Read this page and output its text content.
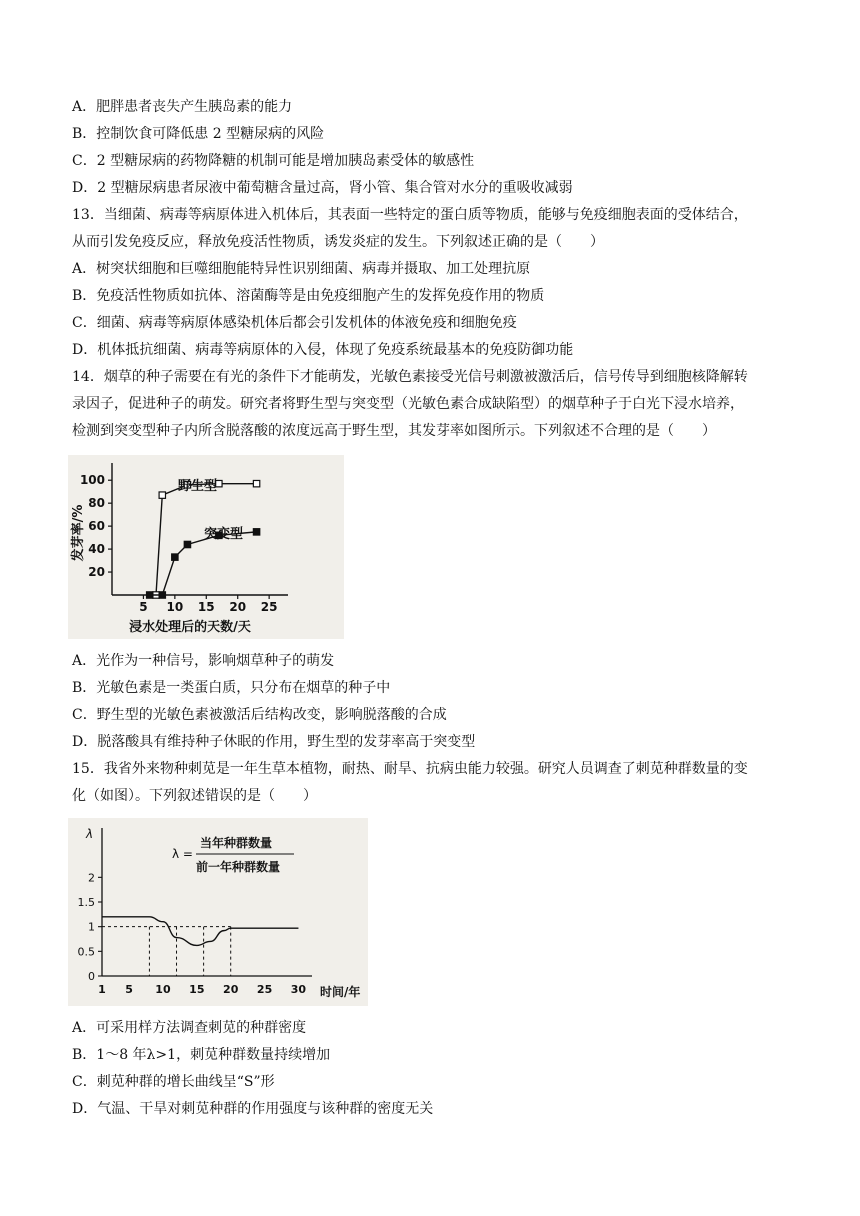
A．肥胖患者丧失产生胰岛素的能力
B．控制饮食可降低患 2 型糖尿病的风险
C．2 型糖尿病的药物降糖的机制可能是增加胰岛素受体的敏感性
D．2 型糖尿病患者尿液中葡萄糖含量过高，肾小管、集合管对水分的重吸收减弱
13．当细菌、病毒等病原体进入机体后，其表面一些特定的蛋白质等物质，能够与免疫细胞表面的受体结合，
从而引发免疫反应，释放免疫活性物质，诱发炎症的发生。下列叙述正确的是（　　）
A．树突状细胞和巨噬细胞能特异性识别细菌、病毒并摄取、加工处理抗原
B．免疫活性物质如抗体、溶菌酶等是由免疫细胞产生的发挥免疫作用的物质
C．细菌、病毒等病原体感染机体后都会引发机体的体液免疫和细胞免疫
D．机体抵抗细菌、病毒等病原体的入侵，体现了免疫系统最基本的免疫防御功能
14．烟草的种子需要在有光的条件下才能萌发，光敏色素接受光信号刺激被激活后，信号传导到细胞核降解转
录因子，促进种子的萌发。研究者将野生型与突变型（光敏色素合成缺陷型）的烟草种子于白光下浸水培养，
检测到突变型种子内所含脱落酸的浓度远高于野生型，其发芽率如图所示。下列叙述不合理的是（　　）
20
40
60
80
100
5 10 15 20 25
发芽率/%
浸水处理后的天数/天
野生型
突变型
A．光作为一种信号，影响烟草种子的萌发
B．光敏色素是一类蛋白质，只分布在烟草的种子中
C．野生型的光敏色素被激活后结构改变，影响脱落酸的合成
D．脱落酸具有维持种子休眠的作用，野生型的发芽率高于突变型
15．我省外来物种刺苋是一年生草本植物，耐热、耐旱、抗病虫能力较强。研究人员调查了刺苋种群数量的变
化（如图）。下列叙述错误的是（　　）
λ
λ =
当年种群数量
前一年种群数量
0
0.5
1
1.5
2
1 5 10 15 20 25 30 时间/年
A．可采用样方法调查刺苋的种群密度
B．1～8 年λ>1，刺苋种群数量持续增加
C．刺苋种群的增长曲线呈“S”形
D．气温、干旱对刺苋种群的作用强度与该种群的密度无关
